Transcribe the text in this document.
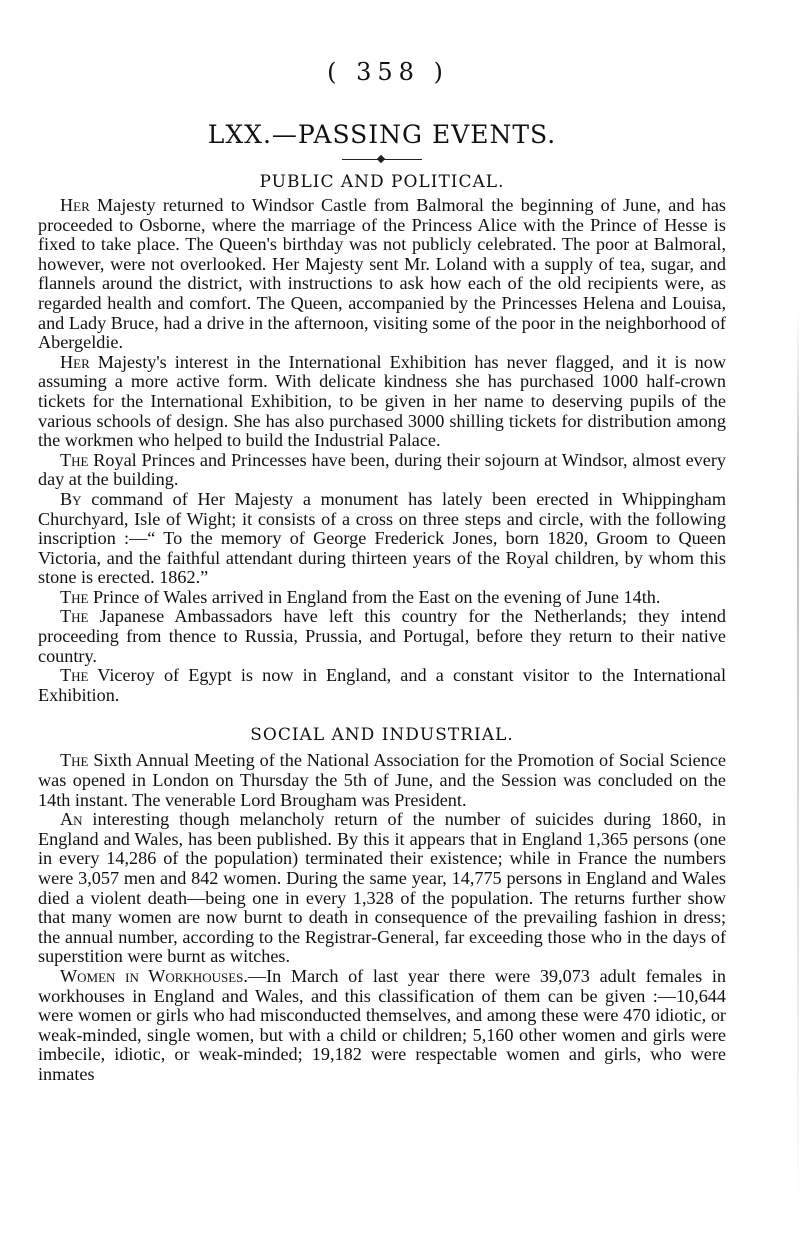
( 358 )
LXX.—PASSING EVENTS.
PUBLIC AND POLITICAL.

Her Majesty returned to Windsor Castle from Balmoral the beginning of June, and has proceeded to Osborne, where the marriage of the Princess Alice with the Prince of Hesse is fixed to take place. The Queen's birthday was not publicly celebrated. The poor at Balmoral, however, were not overlooked. Her Majesty sent Mr. Loland with a supply of tea, sugar, and flannels around the district, with instructions to ask how each of the old recipients were, as regarded health and comfort. The Queen, accompanied by the Princesses Helena and Louisa, and Lady Bruce, had a drive in the afternoon, visiting some of the poor in the neighborhood of Abergeldie.

Her Majesty's interest in the International Exhibition has never flagged, and it is now assuming a more active form. With delicate kindness she has purchased 1000 half-crown tickets for the International Exhibition, to be given in her name to deserving pupils of the various schools of design. She has also purchased 3000 shilling tickets for distribution among the workmen who helped to build the Industrial Palace.

The Royal Princes and Princesses have been, during their sojourn at Windsor, almost every day at the building.

By command of Her Majesty a monument has lately been erected in Whippingham Churchyard, Isle of Wight; it consists of a cross on three steps and circle, with the following inscription :—“ To the memory of George Frederick Jones, born 1820, Groom to Queen Victoria, and the faithful attendant during thirteen years of the Royal children, by whom this stone is erected. 1862.”

The Prince of Wales arrived in England from the East on the evening of June 14th.

The Japanese Ambassadors have left this country for the Netherlands; they intend proceeding from thence to Russia, Prussia, and Portugal, before they return to their native country.

The Viceroy of Egypt is now in England, and a constant visitor to the International Exhibition.

SOCIAL AND INDUSTRIAL.

The Sixth Annual Meeting of the National Association for the Promotion of Social Science was opened in London on Thursday the 5th of June, and the Session was concluded on the 14th instant. The venerable Lord Brougham was President.

An interesting though melancholy return of the number of suicides during 1860, in England and Wales, has been published. By this it appears that in England 1,365 persons (one in every 14,286 of the population) terminated their existence; while in France the numbers were 3,057 men and 842 women. During the same year, 14,775 persons in England and Wales died a violent death—being one in every 1,328 of the population. The returns further show that many women are now burnt to death in consequence of the prevailing fashion in dress; the annual number, according to the Registrar-General, far exceeding those who in the days of superstition were burnt as witches.

Women in Workhouses.—In March of last year there were 39,073 adult females in workhouses in England and Wales, and this classification of them can be given :—10,644 were women or girls who had misconducted themselves, and among these were 470 idiotic, or weak-minded, single women, but with a child or children; 5,160 other women and girls were imbecile, idiotic, or weak-minded; 19,182 were respectable women and girls, who were inmates
